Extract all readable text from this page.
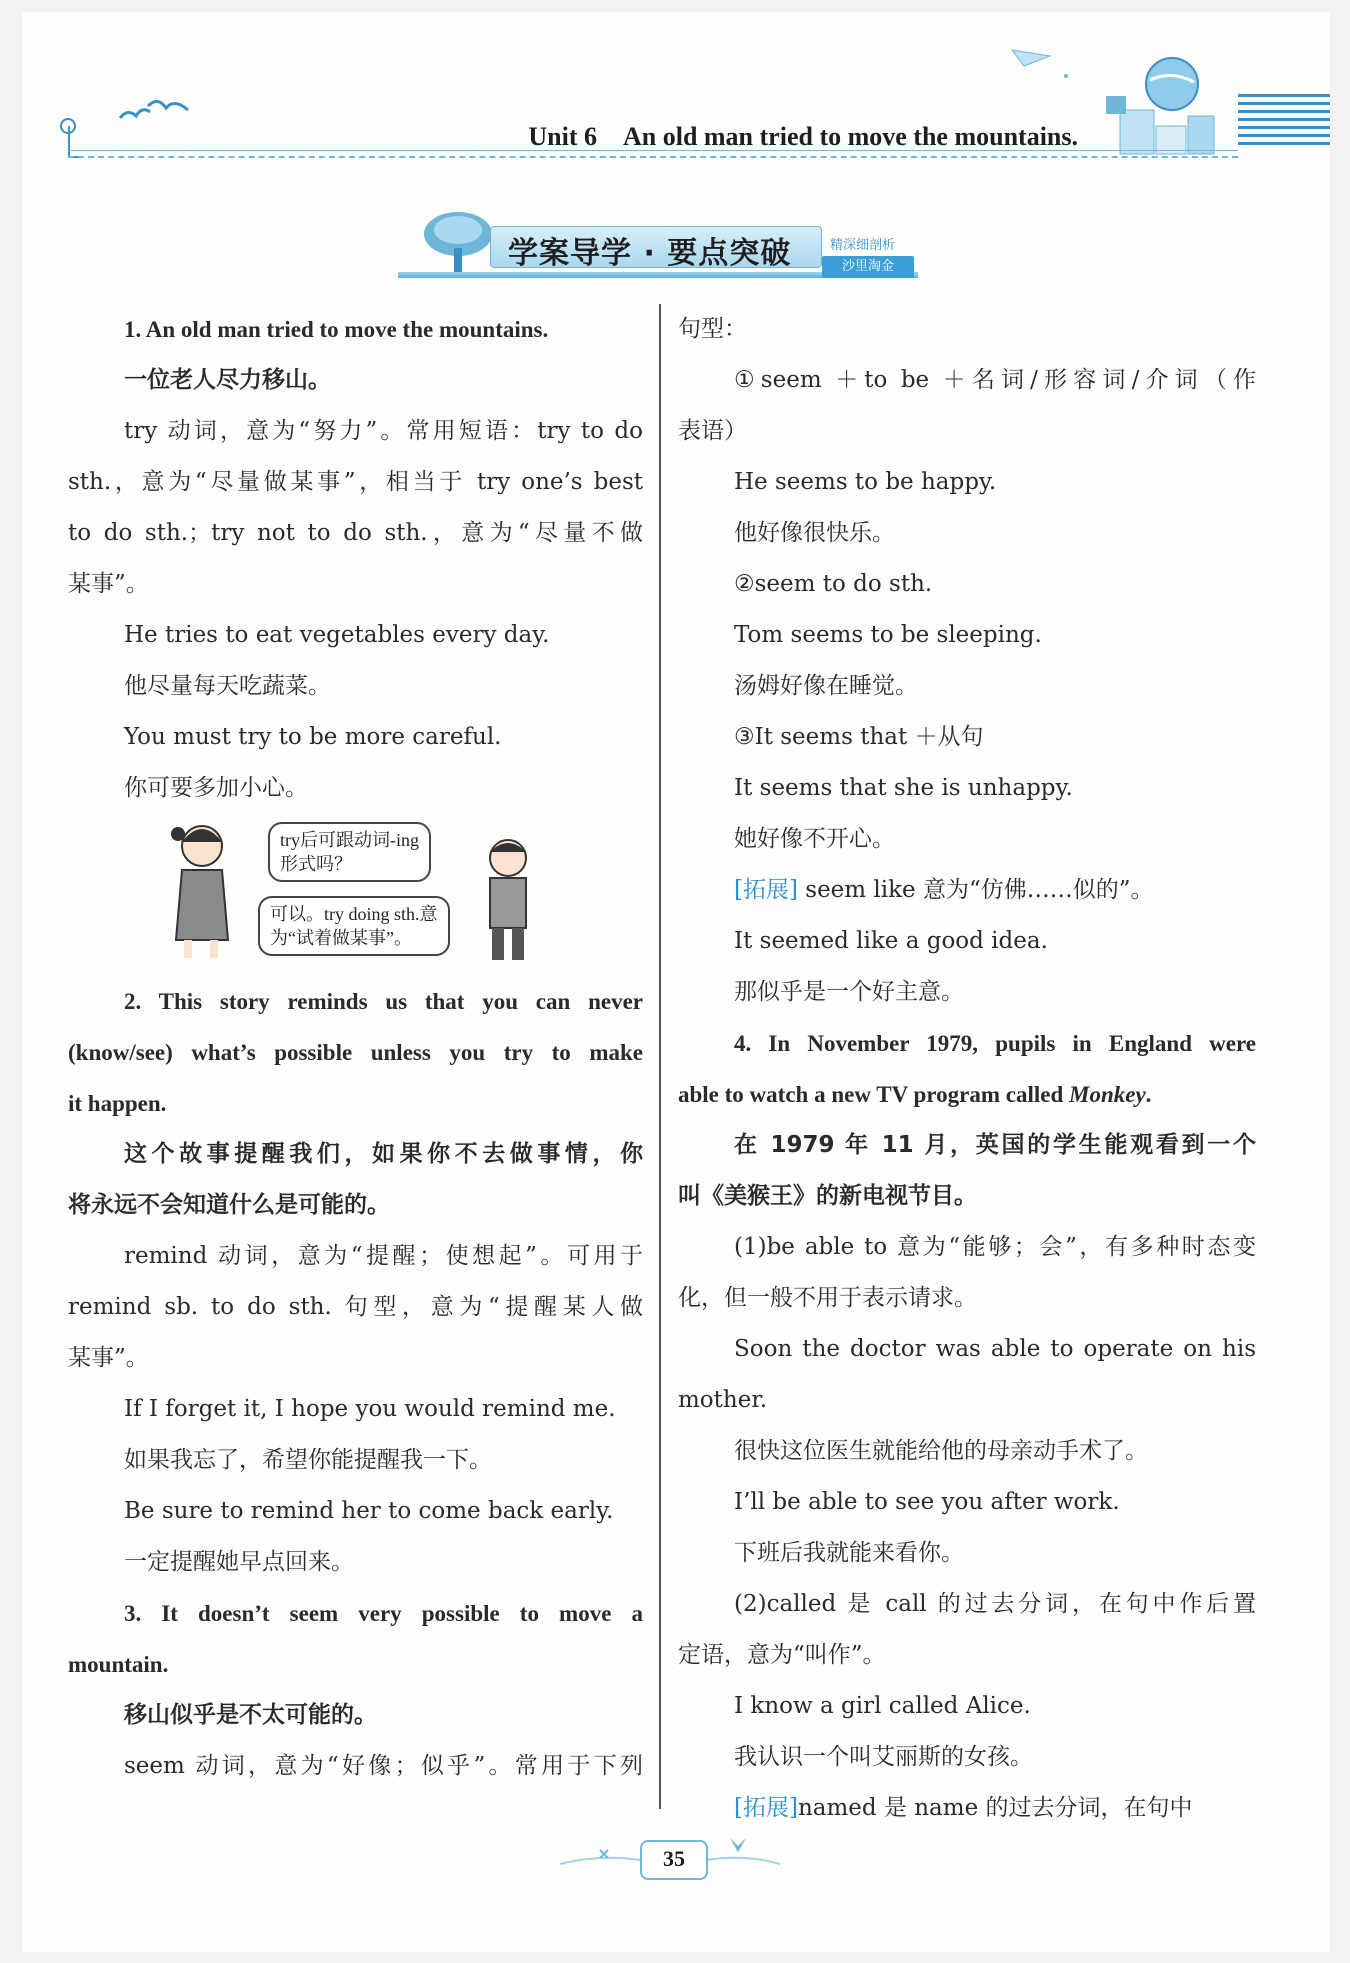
Unit 6　An old man tried to move the mountains.
学案导学 · 要点突破	精深细剖析
沙里淘金

1. An old man tried to move the mountains.

一位老人尽力移山。

try 动词，意为“努力”。常用短语：try to do

sth.，意为“尽量做某事”，相当于 try one’s best

to do sth.；try not to do sth.，意为“尽量不做

某事”。

He tries to eat vegetables every day.

他尽量每天吃蔬菜。

You must try to be more careful.

你可要多加小心。

try后可跟动词-ing
形式吗？
可以。try doing sth.意
为“试着做某事”。

2. This story reminds us that you can never

(know/see) what’s possible unless you try to make

it happen.

这个故事提醒我们，如果你不去做事情，你

将永远不会知道什么是可能的。

remind 动词，意为“提醒；使想起”。可用于

remind sb. to do sth. 句型，意为“提醒某人做

某事”。

If I forget it, I hope you would remind me.

如果我忘了，希望你能提醒我一下。

Be sure to remind her to come back early.

一定提醒她早点回来。

3. It doesn’t seem very possible to move a

mountain.

移山似乎是不太可能的。

seem 动词，意为“好像；似乎”。常用于下列

句型：

①seem ＋to be ＋名词/形容词/介词（作

表语）

He seems to be happy.

他好像很快乐。

②seem to do sth.

Tom seems to be sleeping.

汤姆好像在睡觉。

③It seems that ＋从句

It seems that she is unhappy.

她好像不开心。

[拓展] seem like 意为“仿佛……似的”。

It seemed like a good idea.

那似乎是一个好主意。

4. In November 1979, pupils in England were

able to watch a new TV program called Monkey.

在 1979 年 11 月，英国的学生能观看到一个

叫《美猴王》的新电视节目。

(1)be able to 意为“能够；会”，有多种时态变

化，但一般不用于表示请求。

Soon the doctor was able to operate on his

mother.

很快这位医生就能给他的母亲动手术了。

I’ll be able to see you after work.

下班后我就能来看你。

(2)called 是 call 的过去分词，在句中作后置

定语，意为“叫作”。

I know a girl called Alice.

我认识一个叫艾丽斯的女孩。

[拓展]named 是 name 的过去分词，在句中

35
